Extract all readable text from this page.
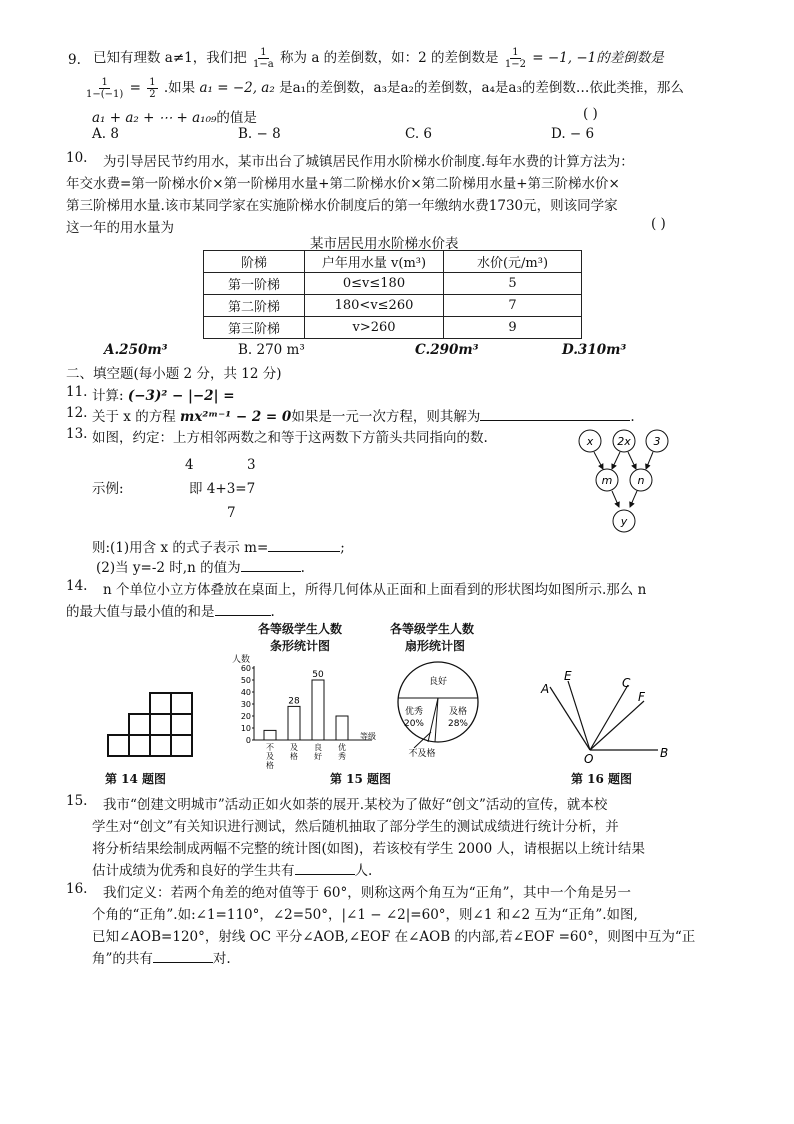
9. 已知有理数 a≠1，我们把 $\frac{1}{1-a}$ 称为 a 的差倒数，如：2 的差倒数是 $\frac{1}{1-2} = -1$, −1的差倒数是
$\frac{1}{1-(-1)} = \frac{1}{2}$ .如果 a₁ = −2, a₂ 是a₁的差倒数，a₃是a₂的差倒数，a₄是a₃的差倒数…依此类推，那么
a₁ + a₂ + ⋯ + a₁₀₉的值是	( )
A. 8	B. − 8	C. 6	D. − 6
10. 为引导居民节约用水，某市出台了城镇居民作用水阶梯水价制度.每年水费的计算方法为：
年交水费=第一阶梯水价×第一阶梯用水量+第二阶梯水价×第二阶梯用水量+第三阶梯水价×
第三阶梯用水量.该市某同学家在实施阶梯水价制度后的第一年缴纳水费1730元，则该同学家
这一年的用水量为	( )
某市居民用水阶梯水价表
阶梯	户年用水量 v(m³)	水价(元/m³)
第一阶梯	0≤v≤180	5
第二阶梯	180<v≤260	7
第三阶梯	v>260	9
A.250m³	B. 270 m³	C.290m³	D.310m³
二、填空题(每小题 2 分，共 12 分)
11. 计算: (−3)² − |−2| =
12. 关于 x 的方程 mx²ᵐ⁻¹ − 2 = 0如果是一元一次方程，则其解为	.
13. 如图，约定：上方相邻两数之和等于这两数下方箭头共同指向的数.
4	3
示例:	即 4+3=7
7
则:(1)用含 x 的式子表示 m=	;
(2)当 y=-2 时,n 的值为	.
x 2x 3
m n
y
14. n 个单位小立方体叠放在桌面上，所得几何体从正面和上面看到的形状图均如图所示.那么 n
的最大值与最小值的和是	.
各等级学生人数
条形统计图
人数
60
50
40
30
20
10
0
28
50
等级
不
及
格
及
格
良
好
优
秀
各等级学生人数
扇形统计图
良好
优秀
20%
及格
28%
不及格
A
E	C
F
O	B
第 14 题图	第 15 题图	第 16 题图
15. 我市“创建文明城市”活动正如火如荼的展开.某校为了做好“创文”活动的宣传，就本校
学生对“创文”有关知识进行测试，然后随机抽取了部分学生的测试成绩进行统计分析，并
将分析结果绘制成两幅不完整的统计图(如图)，若该校有学生 2000 人，请根据以上统计结果
估计成绩为优秀和良好的学生共有	人.
16. 我们定义：若两个角差的绝对值等于 60°，则称这两个角互为“正角”，其中一个角是另一
个角的“正角”.如:∠1=110°，∠2=50°，|∠1 − ∠2|=60°，则∠1 和∠2 互为“正角”.如图,
已知∠AOB=120°，射线 OC 平分∠AOB,∠EOF 在∠AOB 的内部,若∠EOF =60°，则图中互为“正
角”的共有	对.
